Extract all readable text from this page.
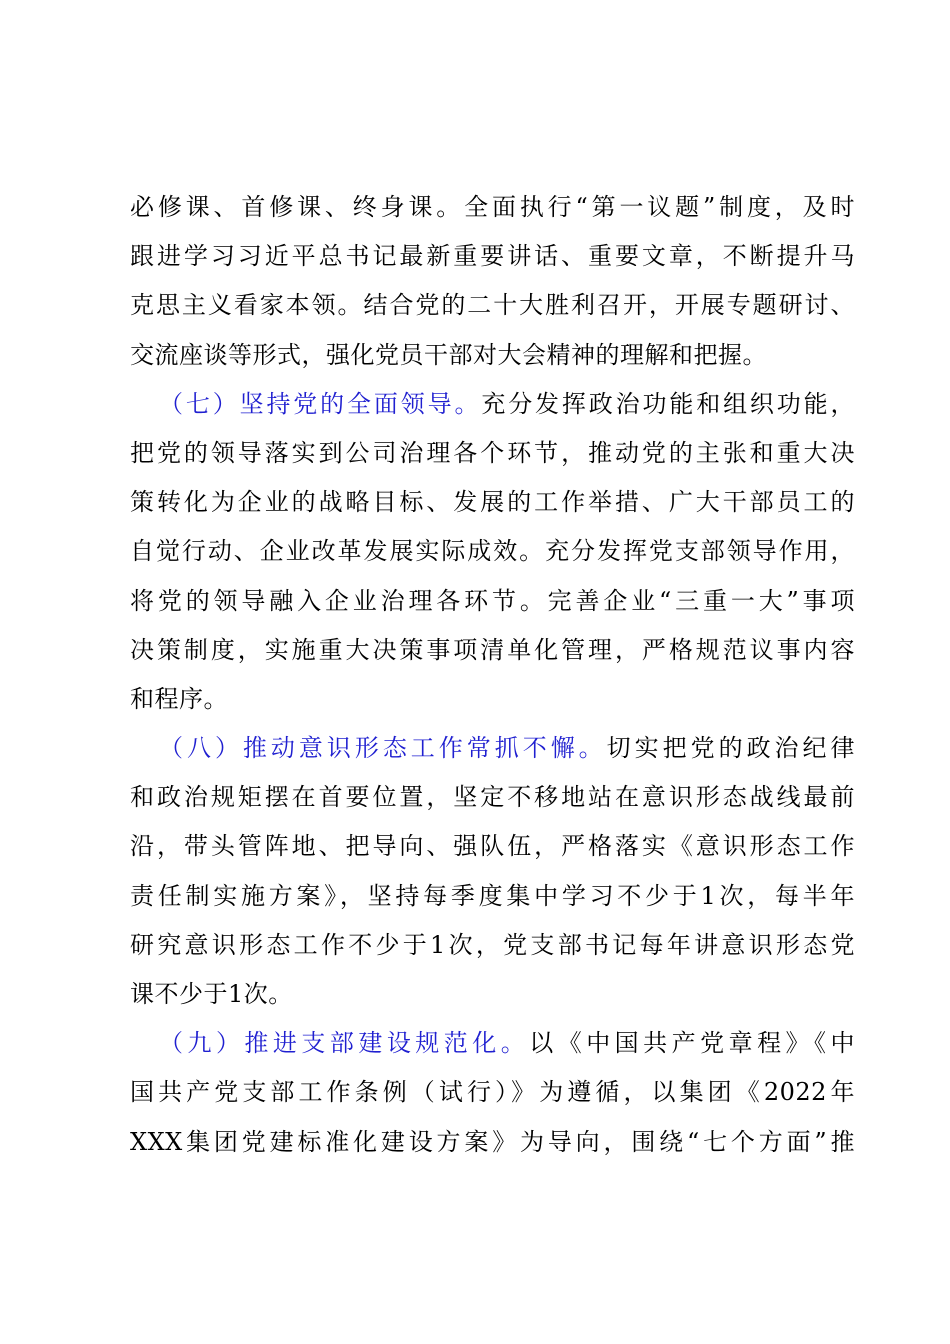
必修课、首修课、终身课。全面执行“第一议题”制度，及时
跟进学习习近平总书记最新重要讲话、重要文章，不断提升马
克思主义看家本领。结合党的二十大胜利召开，开展专题研讨、
交流座谈等形式，强化党员干部对大会精神的理解和把握。
（七）坚持党的全面领导。充分发挥政治功能和组织功能，
把党的领导落实到公司治理各个环节，推动党的主张和重大决
策转化为企业的战略目标、发展的工作举措、广大干部员工的
自觉行动、企业改革发展实际成效。充分发挥党支部领导作用，
将党的领导融入企业治理各环节。完善企业“三重一大”事项
决策制度，实施重大决策事项清单化管理，严格规范议事内容
和程序。
（八）推动意识形态工作常抓不懈。切实把党的政治纪律
和政治规矩摆在首要位置，坚定不移地站在意识形态战线最前
沿，带头管阵地、把导向、强队伍，严格落实《意识形态工作
责任制实施方案》，坚持每季度集中学习不少于1次，每半年
研究意识形态工作不少于1次，党支部书记每年讲意识形态党
课不少于1次。
（九）推进支部建设规范化。以《中国共产党章程》《中
国共产党支部工作条例（试行）》为遵循，以集团《2022年
XXX集团党建标准化建设方案》为导向，围绕“七个方面”推
